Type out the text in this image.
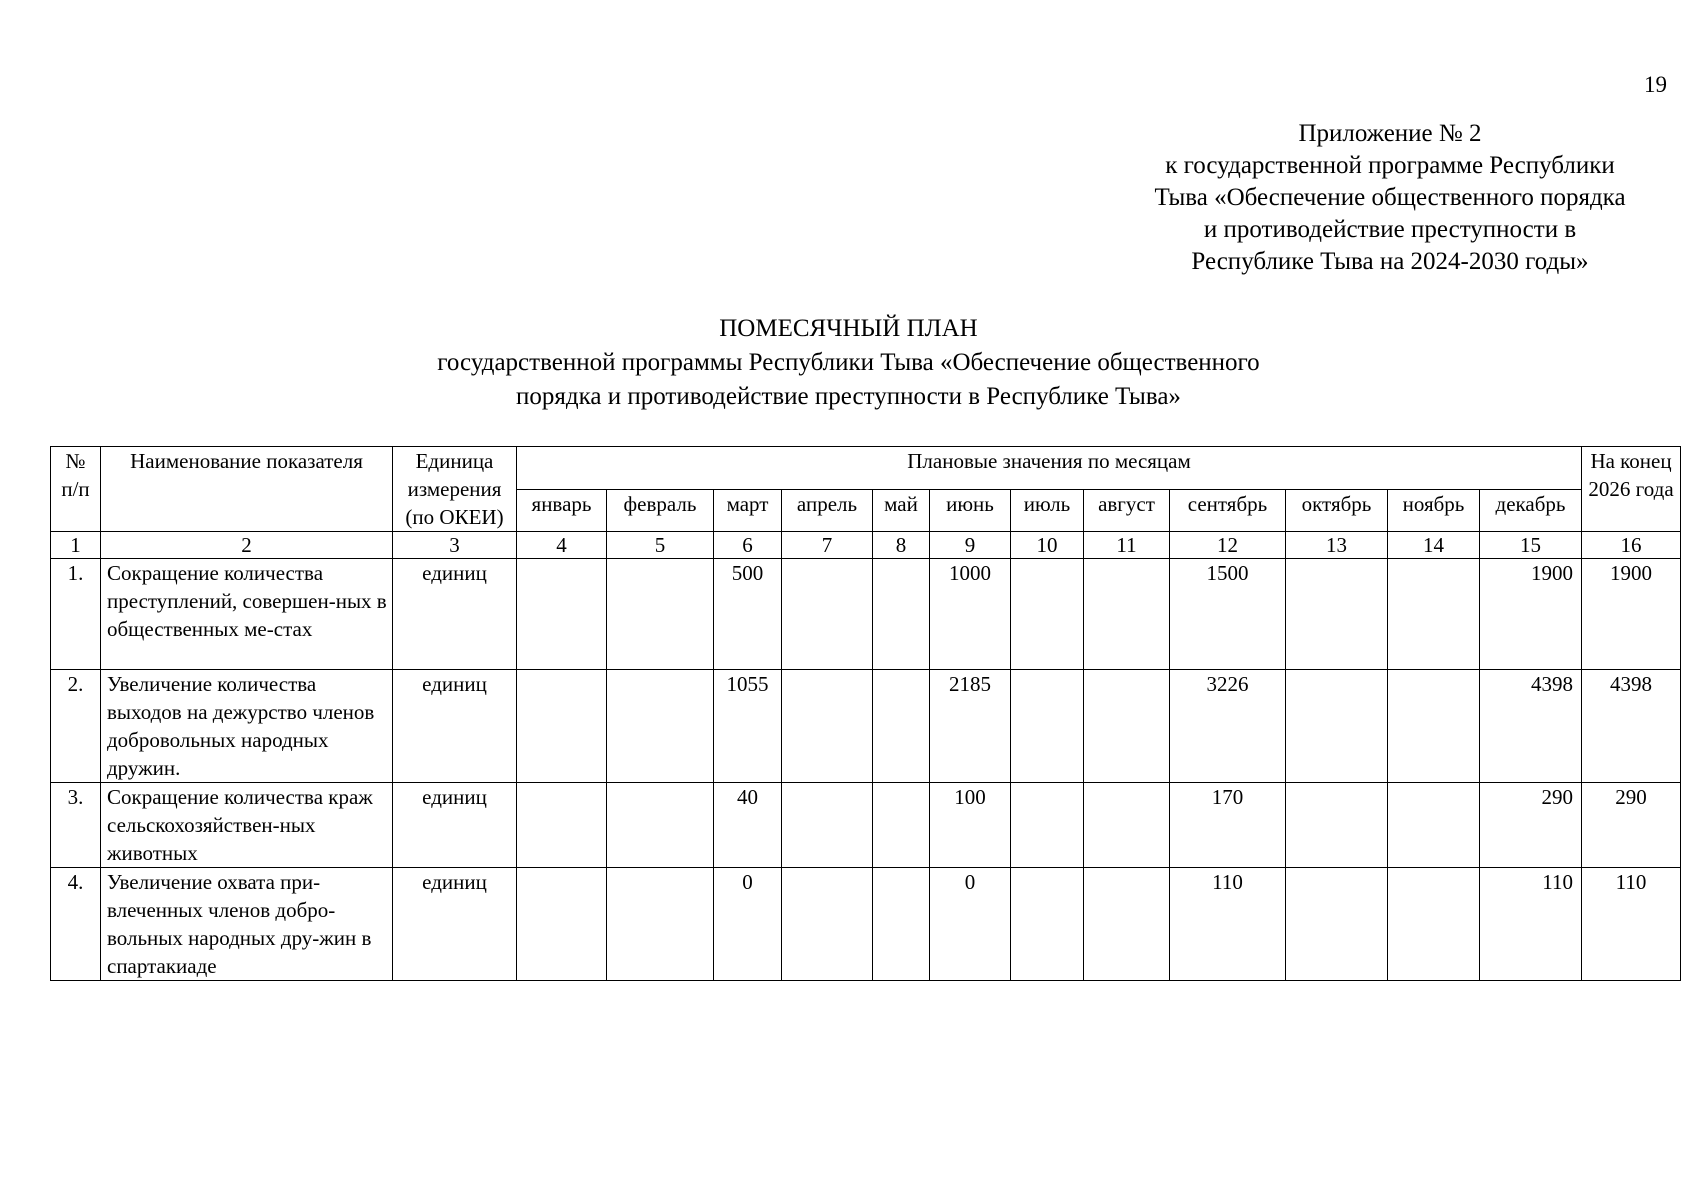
19
Приложение № 2
к государственной программе Республики
Тыва «Обеспечение общественного порядка
и противодействие преступности в
Республике Тыва на 2024-2030 годы»
ПОМЕСЯЧНЫЙ ПЛАН
государственной программы Республики Тыва «Обеспечение общественного
порядка и противодействие преступности в Республике Тыва»
№ п/п	Наименование показателя	Единица измерения (по ОКЕИ)	Плановые значения по месяцам												На конец 2026 года
			январь	февраль	март	апрель	май	июнь	июль	август	сентябрь	октябрь	ноябрь	декабрь	
1	2	3	4	5	6	7	8	9	10	11	12	13	14	15	16
1.	Сокращение количества преступлений, совершен-ных в общественных ме-стах	единиц			500			1000			1500			1900	1900
2.	Увеличение количества выходов на дежурство членов добровольных народных дружин.	единиц			1055			2185			3226			4398	4398
3.	Сокращение количества краж сельскохозяйствен-ных животных	единиц			40			100			170			290	290
4.	Увеличение охвата при-влеченных членов добро-вольных народных дру-жин в спартакиаде	единиц			0			0			110			110	110
